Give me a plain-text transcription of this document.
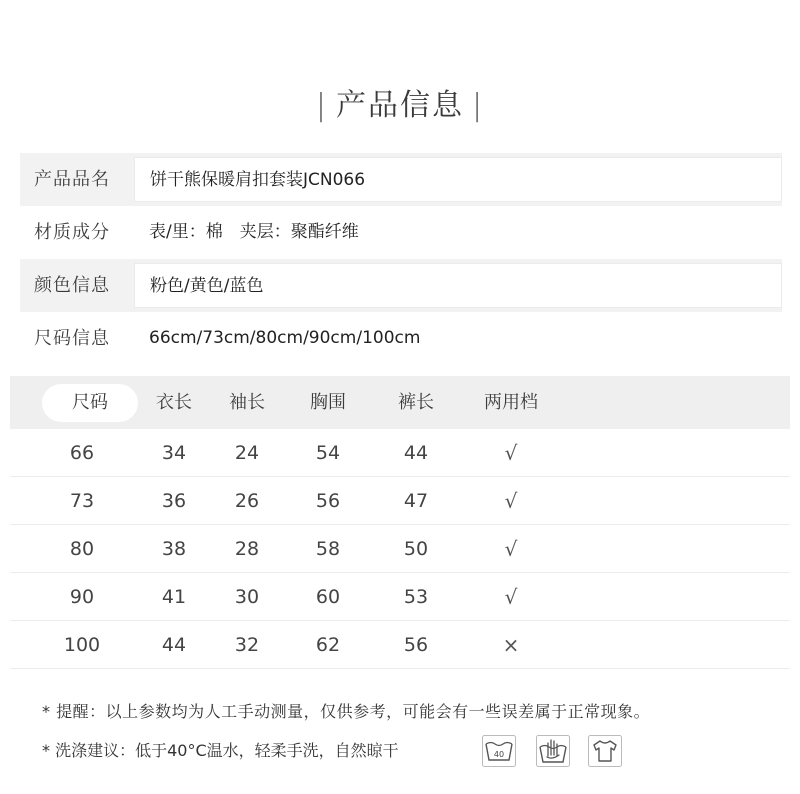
| 产品信息 |
产品品名	饼干熊保暖肩扣套装JCN066
材质成分	表/里：棉　夹层：聚酯纤维
颜色信息	粉色/黄色/蓝色
尺码信息	66cm/73cm/80cm/90cm/100cm
尺码	衣长	袖长	胸围	裤长	两用档
66	34	24	54	44	√
73	36	26	56	47	√
80	38	28	58	50	√
90	41	30	60	53	√
100	44	32	62	56	×
* 提醒：以上参数均为人工手动测量，仅供参考，可能会有一些误差属于正常现象。
* 洗涤建议：低于40°C温水，轻柔手洗，自然晾干	40
